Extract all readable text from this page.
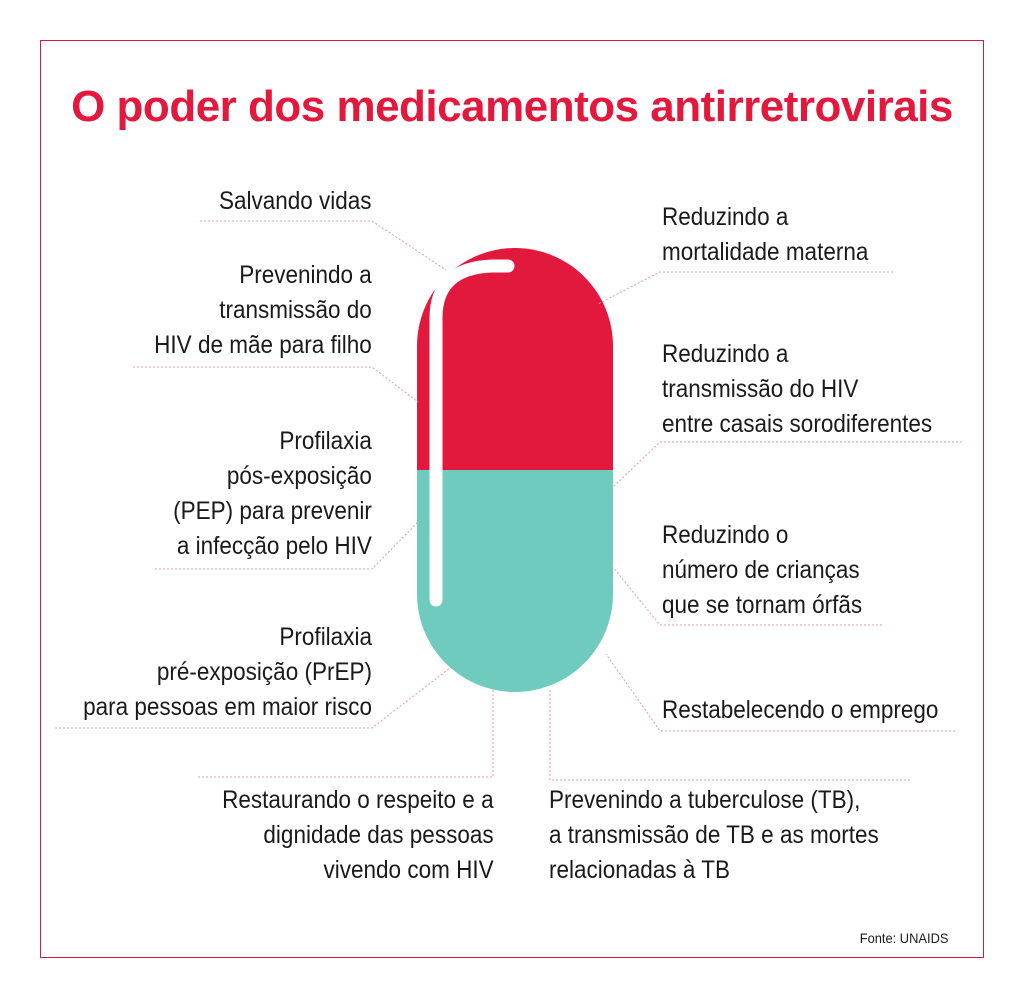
O poder dos medicamentos antirretrovirais
Salvando vidas
Prevenindo a
transmissão do
HIV de mãe para filho
Profilaxia
pós-exposição
(PEP) para prevenir
a infecção pelo HIV
Profilaxia
pré-exposição (PrEP)
para pessoas em maior risco
Restaurando o respeito e a
dignidade das pessoas
vivendo com HIV
Reduzindo a
mortalidade materna
Reduzindo a
transmissão do HIV
entre casais sorodiferentes
Reduzindo o
número de crianças
que se tornam órfãs
Restabelecendo o emprego
Prevenindo a tuberculose (TB),
a transmissão de TB e as mortes
relacionadas à TB
Fonte: UNAIDS
